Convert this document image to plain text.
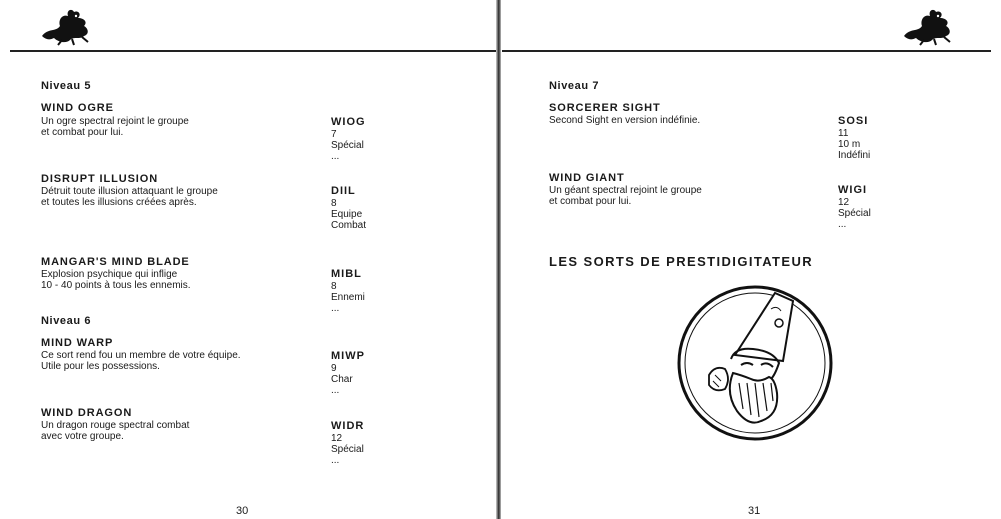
Niveau 5
WIND OGRE
Un ogre spectral rejoint le groupe
et combat pour lui.
WIOG
7
Spécial
...
DISRUPT ILLUSION
Détruit toute illusion attaquant le groupe
et toutes les illusions créées après.
DIIL
8
Equipe
Combat
MANGAR'S MIND BLADE
Explosion psychique qui inflige
10 - 40 points à tous les ennemis.
MIBL
8
Ennemi
...
Niveau 6
MIND WARP
Ce sort rend fou un membre de votre équipe.
Utile pour les possessions.
MIWP
9
Char
...
WIND DRAGON
Un dragon rouge spectral combat
avec votre groupe.
WIDR
12
Spécial
...
30
Niveau 7
SORCERER SIGHT
Second Sight en version indéfinie.	SOSI
11
10 m
Indéfini
WIND GIANT
Un géant spectral rejoint le groupe
et combat pour lui.
WIGI
12
Spécial
...
LES SORTS DE PRESTIDIGITATEUR
31
